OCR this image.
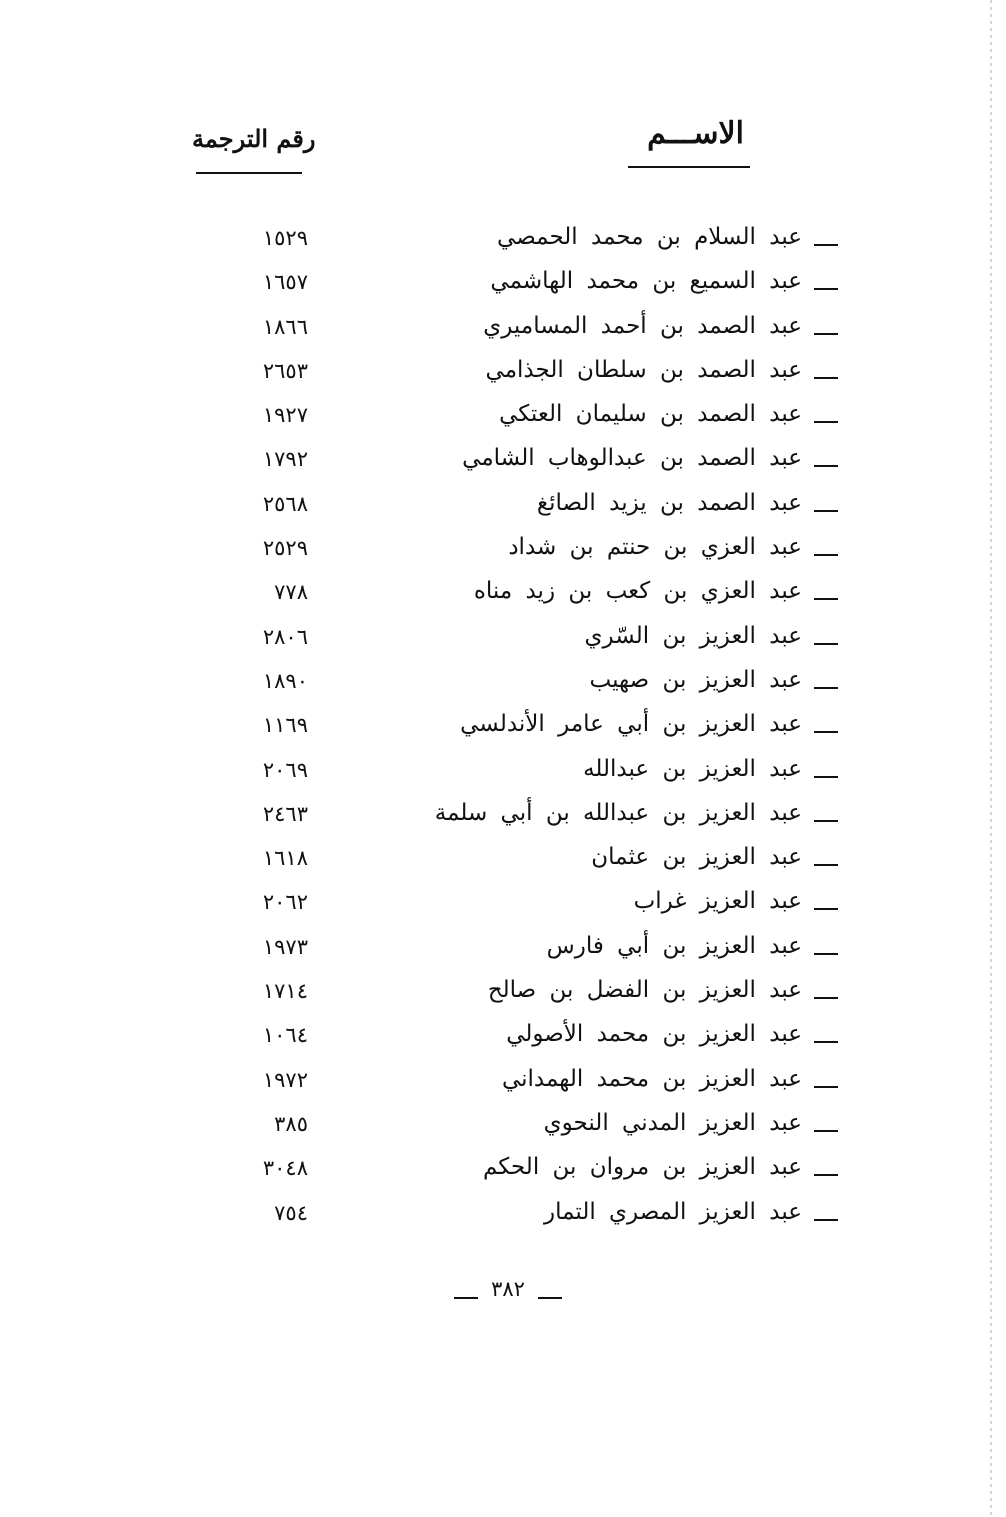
الاســـم
رقم الترجمة
عبد السلام بن محمد الحمصي
١٥٢٩
عبد السميع بن محمد الهاشمي
١٦٥٧
عبد الصمد بن أحمد المساميري
١٨٦٦
عبد الصمد بن سلطان الجذامي
٢٦٥٣
عبد الصمد بن سليمان العتكي
١٩٢٧
عبد الصمد بن عبدالوهاب الشامي
١٧٩٢
عبد الصمد بن يزيد الصائغ
٢٥٦٨
عبد العزي بن حنتم بن شداد
٢٥٢٩
عبد العزي بن كعب بن زيد مناه
٧٧٨
عبد العزيز بن السّري
٢٨٠٦
عبد العزيز بن صهيب
١٨٩٠
عبد العزيز بن أبي عامر الأندلسي
١١٦٩
عبد العزيز بن عبدالله
٢٠٦٩
عبد العزيز بن عبدالله بن أبي سلمة
٢٤٦٣
عبد العزيز بن عثمان
١٦١٨
عبد العزيز غراب
٢٠٦٢
عبد العزيز بن أبي فارس
١٩٧٣
عبد العزيز بن الفضل بن صالح
١٧١٤
عبد العزيز بن محمد الأصولي
١٠٦٤
عبد العزيز بن محمد الهمداني
١٩٧٢
عبد العزيز المدني النحوي
٣٨٥
عبد العزيز بن مروان بن الحكم
٣٠٤٨
عبد العزيز المصري التمار
٧٥٤
٣٨٢
